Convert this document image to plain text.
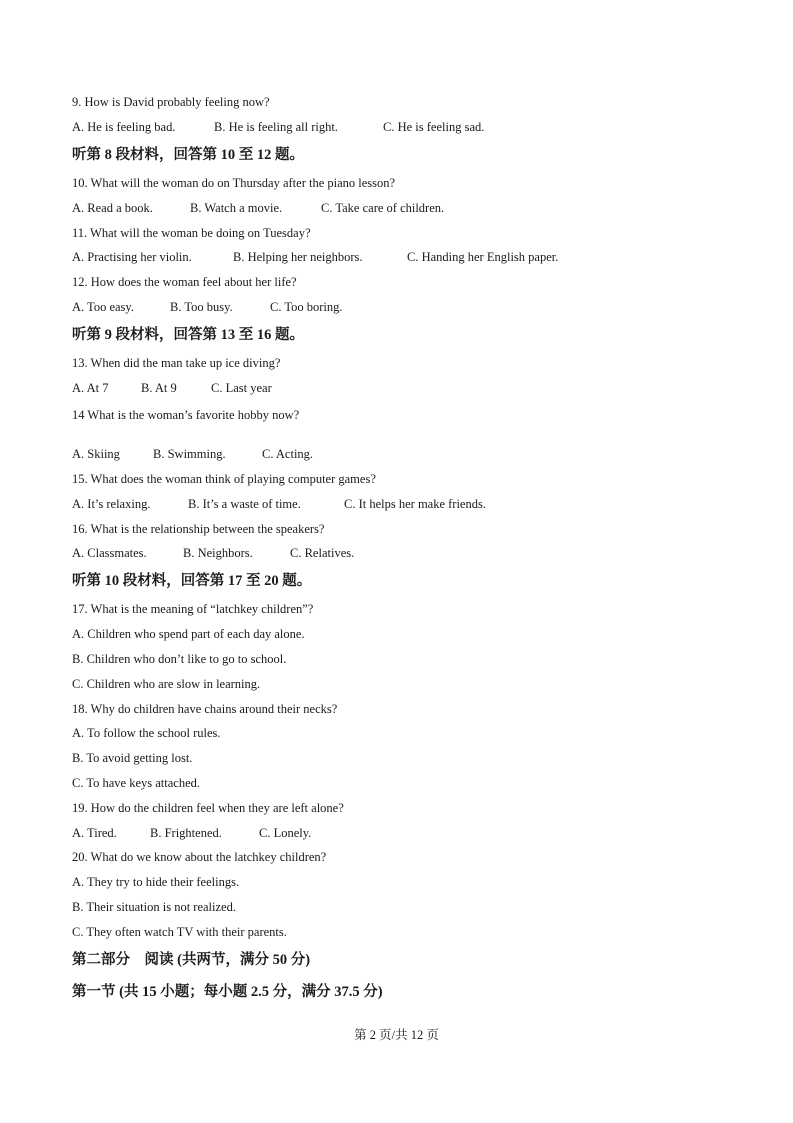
9. How is David probably feeling now?
A. He is feeling bad.	B. He is feeling all right.	C. He is feeling sad.
听第 8 段材料，回答第 10 至 12 题。
10. What will the woman do on Thursday after the piano lesson?
A. Read a book.	B. Watch a movie.	C. Take care of children.
11. What will the woman be doing on Tuesday?
A. Practising her violin.	B. Helping her neighbors.	C. Handing her English paper.
12. How does the woman feel about her life?
A. Too easy.	B. Too busy.	C. Too boring.
听第 9 段材料，回答第 13 至 16 题。
13. When did the man take up ice diving?
A. At 7	B. At 9	C. Last year
14 What is the woman’s favorite hobby now?
A. Skiing	B. Swimming.	C. Acting.
15. What does the woman think of playing computer games?
A. It’s relaxing.	B. It’s a waste of time.	C. It helps her make friends.
16. What is the relationship between the speakers?
A. Classmates.	B. Neighbors.	C. Relatives.
听第 10 段材料，回答第 17 至 20 题。
17. What is the meaning of “latchkey children”?
A. Children who spend part of each day alone.
B. Children who don’t like to go to school.
C. Children who are slow in learning.
18. Why do children have chains around their necks?
A. To follow the school rules.
B. To avoid getting lost.
C. To have keys attached.
19. How do the children feel when they are left alone?
A. Tired.	B. Frightened.	C. Lonely.
20. What do we know about the latchkey children?
A. They try to hide their feelings.
B. Their situation is not realized.
C. They often watch TV with their parents.
第二部分    阅读 (共两节，满分 50 分)
第一节 (共 15 小题；每小题 2.5 分，满分 37.5 分)
第 2 页/共 12 页
